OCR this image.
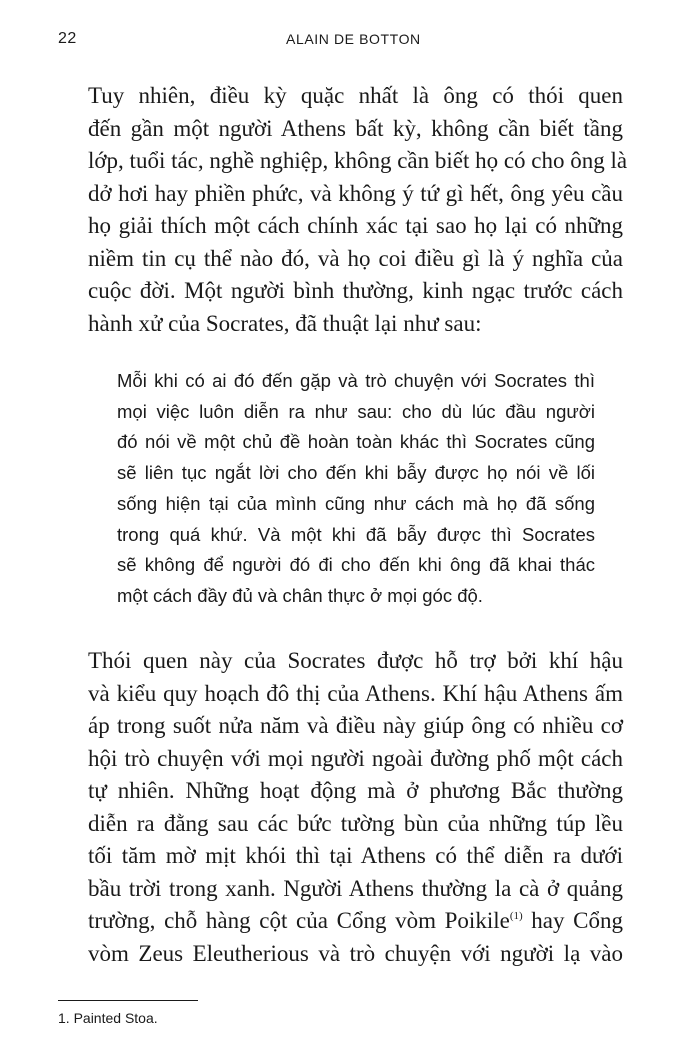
22	ALAIN DE BOTTON
Tuy nhiên, điều kỳ quặc nhất là ông có thói quen
đến gần một người Athens bất kỳ, không cần biết tầng
lớp, tuổi tác, nghề nghiệp, không cần biết họ có cho ông là
dở hơi hay phiền phức, và không ý tứ gì hết, ông yêu cầu
họ giải thích một cách chính xác tại sao họ lại có những
niềm tin cụ thể nào đó, và họ coi điều gì là ý nghĩa của
cuộc đời. Một người bình thường, kinh ngạc trước cách
hành xử của Socrates, đã thuật lại như sau:
Mỗi khi có ai đó đến gặp và trò chuyện với Socrates thì
mọi việc luôn diễn ra như sau: cho dù lúc đầu người
đó nói về một chủ đề hoàn toàn khác thì Socrates cũng
sẽ liên tục ngắt lời cho đến khi bẫy được họ nói về lối
sống hiện tại của mình cũng như cách mà họ đã sống
trong quá khứ. Và một khi đã bẫy được thì Socrates
sẽ không để người đó đi cho đến khi ông đã khai thác
một cách đầy đủ và chân thực ở mọi góc độ.
Thói quen này của Socrates được hỗ trợ bởi khí hậu
và kiểu quy hoạch đô thị của Athens. Khí hậu Athens ấm
áp trong suốt nửa năm và điều này giúp ông có nhiều cơ
hội trò chuyện với mọi người ngoài đường phố một cách
tự nhiên. Những hoạt động mà ở phương Bắc thường
diễn ra đằng sau các bức tường bùn của những túp lều
tối tăm mờ mịt khói thì tại Athens có thể diễn ra dưới
bầu trời trong xanh. Người Athens thường la cà ở quảng
trường, chỗ hàng cột của Cổng vòm Poikile$^{(1)}$ hay Cổng
vòm Zeus Eleutherious và trò chuyện với người lạ vào
1. Painted Stoa.
